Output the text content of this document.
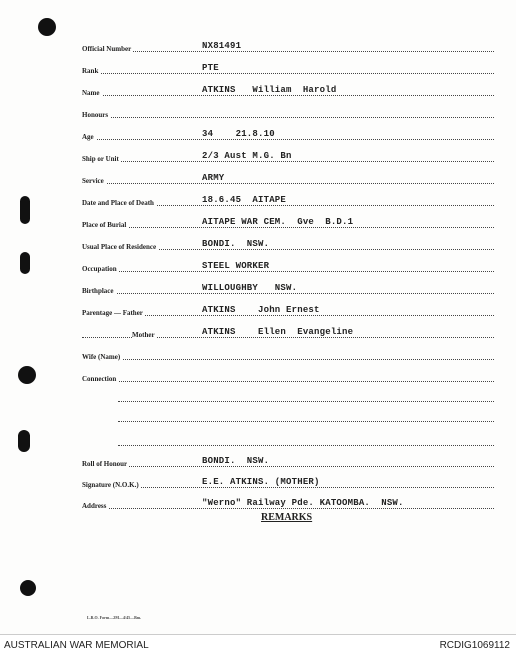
Official Number	NX81491
Rank	PTE
Name	ATKINS   William  Harold
Honours
Age	34    21.8.10
Ship or Unit	2/3 Aust M.G. Bn
Service	ARMY
Date and Place of Death	18.6.45  AITAPE
Place of Burial	AITAPE WAR CEM.  Gve  B.D.1
Usual Place of Residence	BONDI.  NSW.
Occupation	STEEL WORKER
Birthplace	WILLOUGHBY   NSW.
Parentage — Father	ATKINS    John Ernest
Mother	ATKINS    Ellen  Evangeline
Wife (Name)
Connection
Roll of Honour	BONDI.  NSW.
Signature (N.O.K.)	E.E. ATKINS. (MOTHER)
Address	"Werno" Railway Pde. KATOOMBA.  NSW.
REMARKS
L.R.O. Form—2M—4/45—Bm.
AUSTRALIAN WAR MEMORIAL	RCDIG1069112
